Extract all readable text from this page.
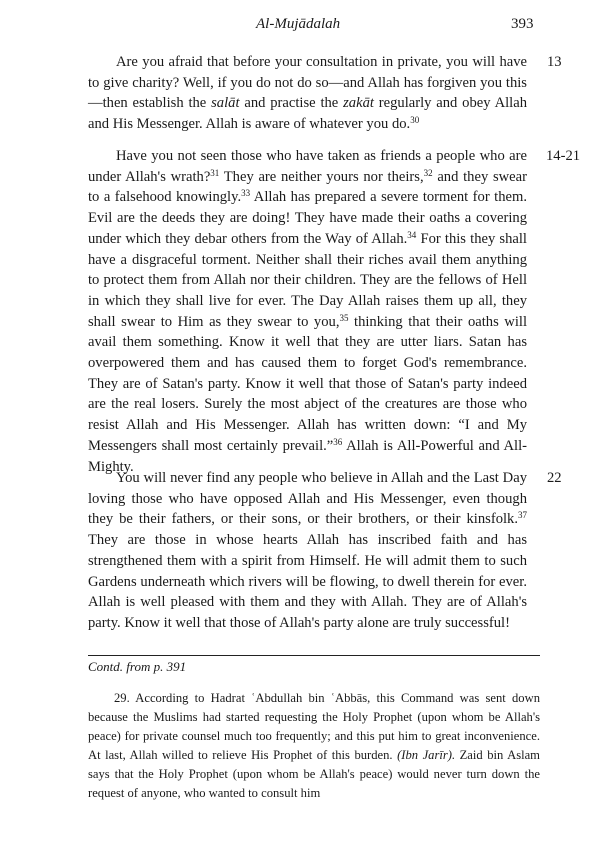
Al-Mujādalah	393
13

Are you afraid that before your consultation in private, you will have to give charity? Well, if you do not do so—and Allah has forgiven you this—then establish the salāt and practise the zakāt regularly and obey Allah and His Messenger. Allah is aware of whatever you do.$^{30}$

14-21

Have you not seen those who have taken as friends a people who are under Allah's wrath?$^{31}$ They are neither yours nor theirs,$^{32}$ and they swear to a falsehood knowingly.$^{33}$ Allah has prepared a severe torment for them. Evil are the deeds they are doing! They have made their oaths a covering under which they debar others from the Way of Allah.$^{34}$ For this they shall have a disgraceful torment. Neither shall their riches avail them anything to protect them from Allah nor their children. They are the fellows of Hell in which they shall live for ever. The Day Allah raises them up all, they shall swear to Him as they swear to you,$^{35}$ thinking that their oaths will avail them something. Know it well that they are utter liars. Satan has overpowered them and has caused them to forget God's remembrance. They are of Satan's party. Know it well that those of Satan's party indeed are the real losers. Surely the most abject of the creatures are those who resist Allah and His Messenger. Allah has written down: “I and My Messengers shall most certainly prevail.”$^{36}$ Allah is All-Powerful and All-Mighty.

22

You will never find any people who believe in Allah and the Last Day loving those who have opposed Allah and His Messenger, even though they be their fathers, or their sons, or their brothers, or their kinsfolk.$^{37}$ They are those in whose hearts Allah has inscribed faith and has strengthened them with a spirit from Himself. He will admit them to such Gardens underneath which rivers will be flowing, to dwell therein for ever. Allah is well pleased with them and they with Allah. They are of Allah's party. Know it well that those of Allah's party alone are truly successful!

Contd. from p. 391

29. According to Hadrat ʿAbdullah bin ʿAbbās, this Command was sent down because the Muslims had started requesting the Holy Prophet (upon whom be Allah's peace) for private counsel much too frequently; and this put him to great inconvenience. At last, Allah willed to relieve His Prophet of this burden. (Ibn Jarīr). Zaid bin Aslam says that the Holy Prophet (upon whom be Allah's peace) would never turn down the request of anyone, who wanted to consult him
